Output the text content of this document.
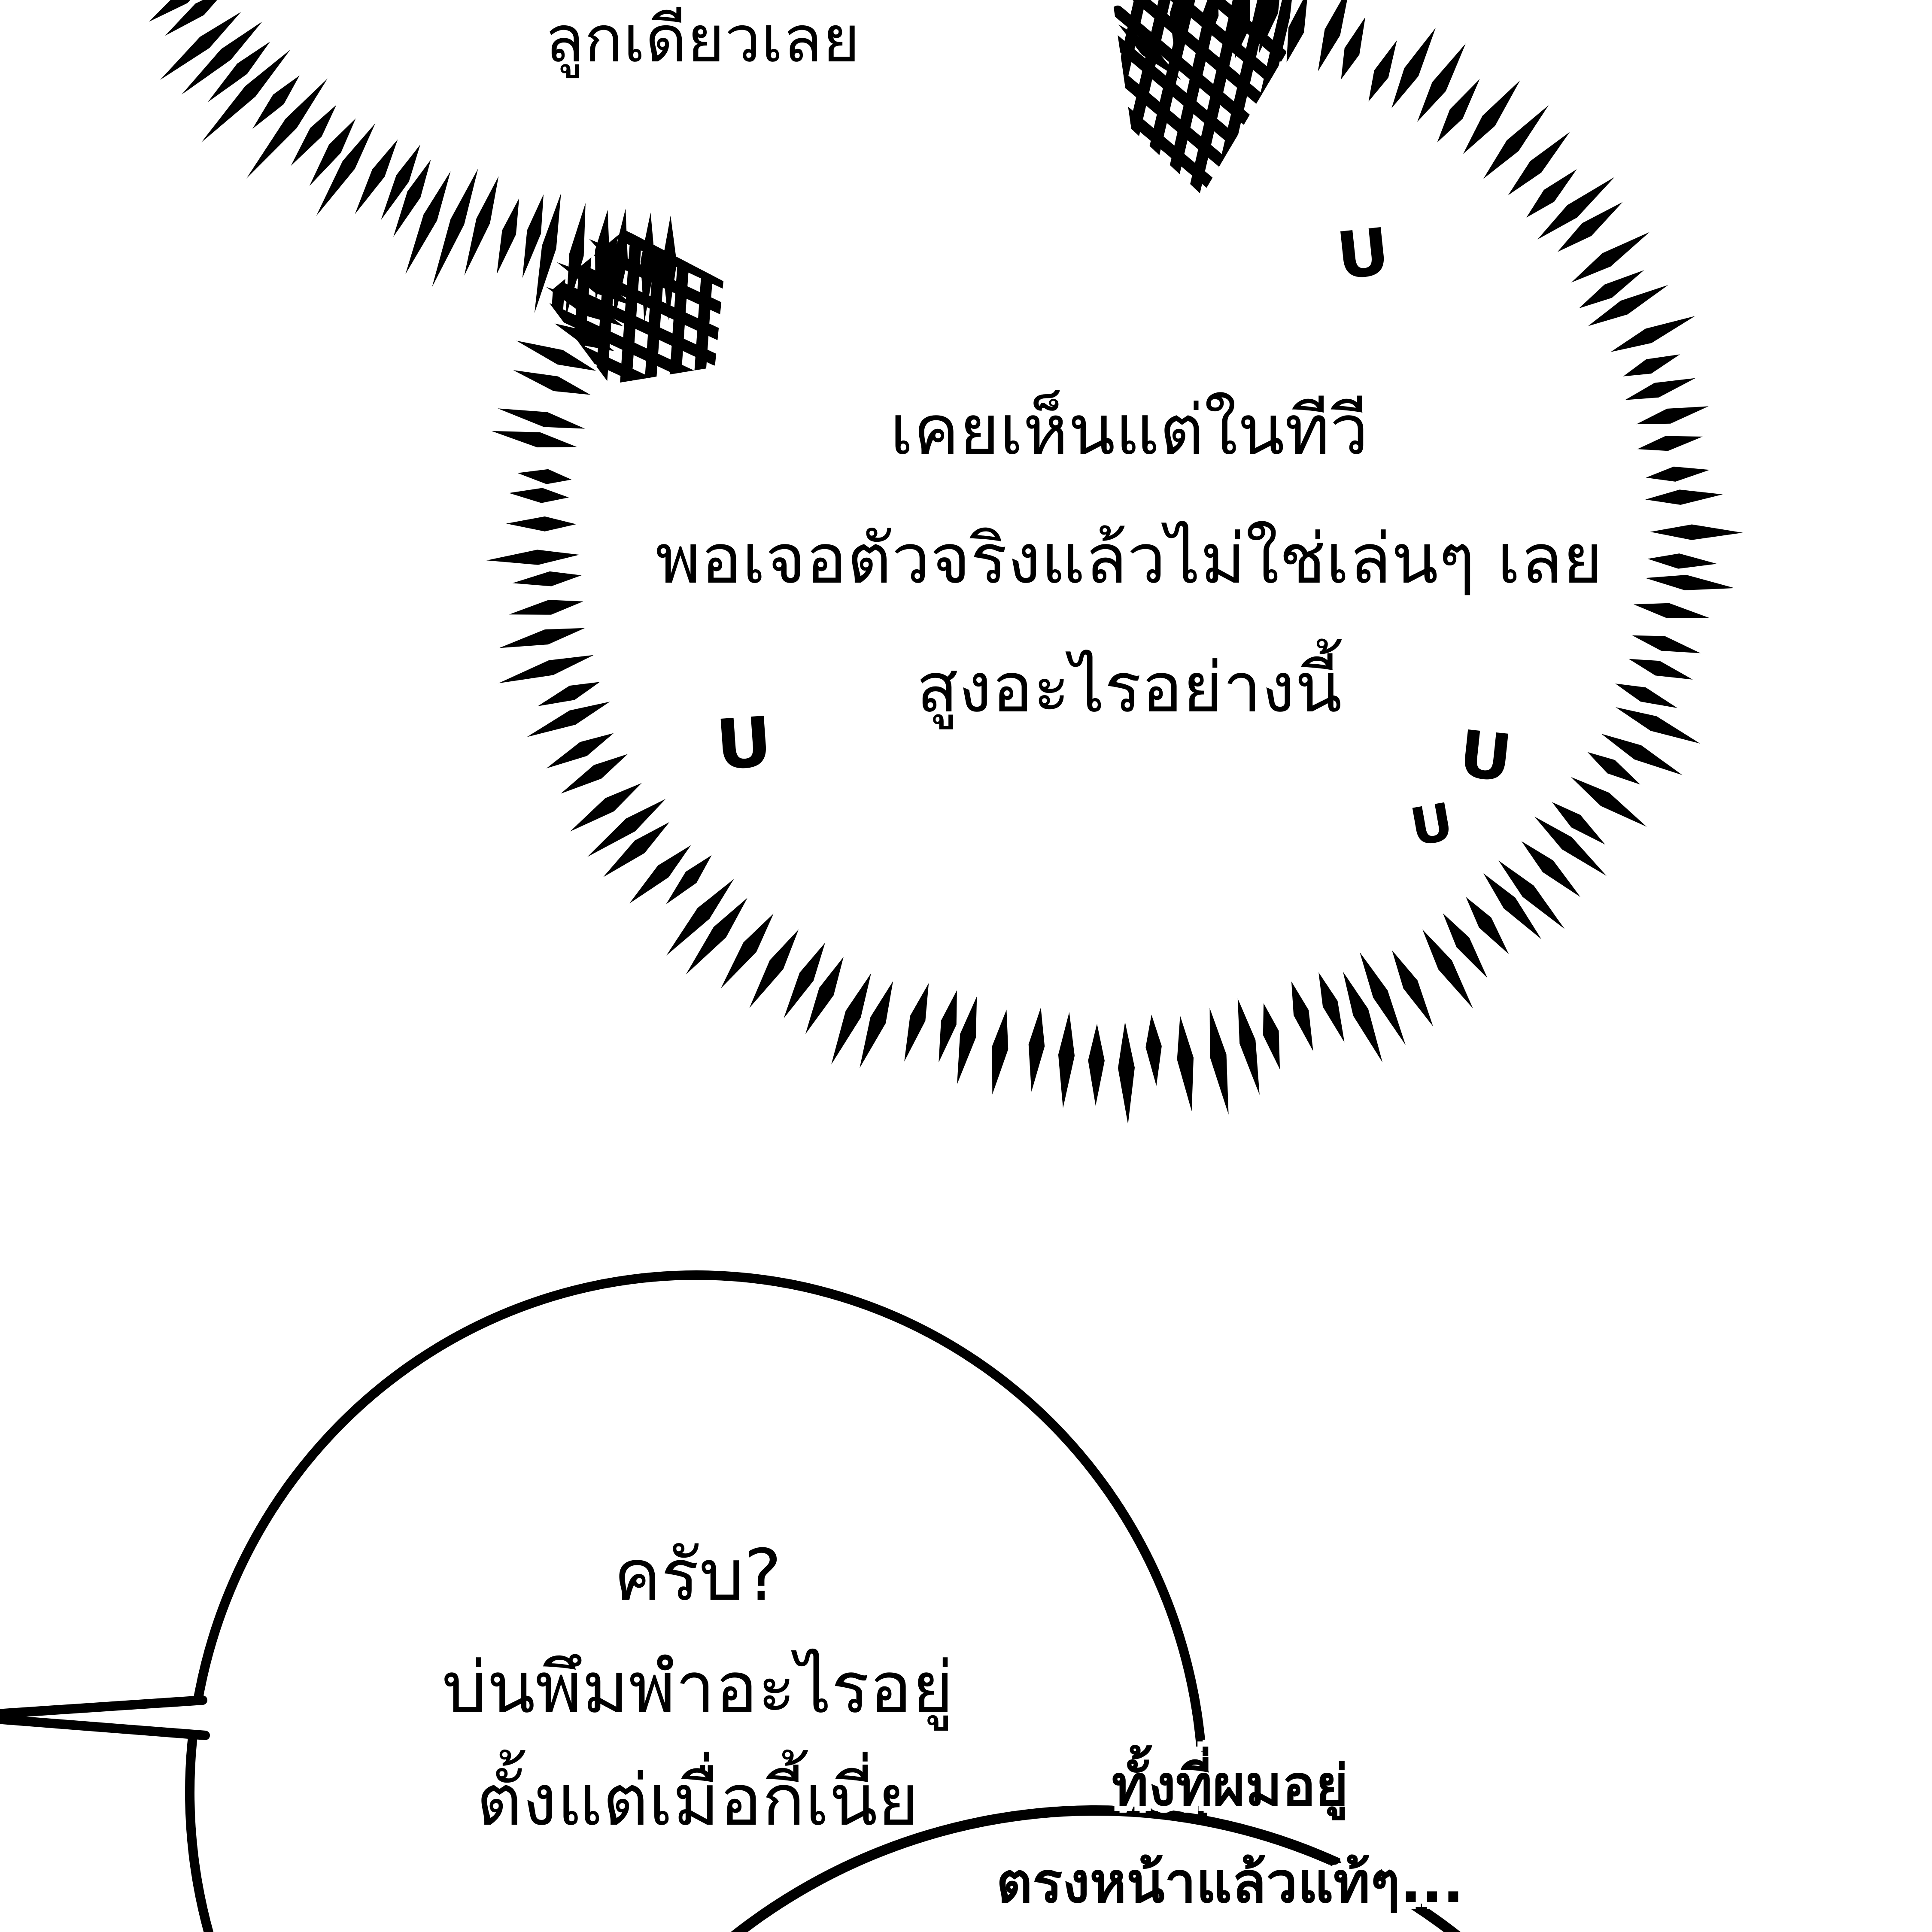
ลูกเดียวเลย
เคยเห็นแต่ในทีวี
พอเจอตัวจริงแล้วไม่ใช่เล่นๆ เลย
สูงอะไรอย่างนี้
ครับ?
บ่นพึมพำอะไรอยู่
ตั้งแต่เมื่อกี้เนี่ย	ทั้งที่ผมอยู่
ตรงหน้าแล้วแท้ๆ...
U
U	U
U
